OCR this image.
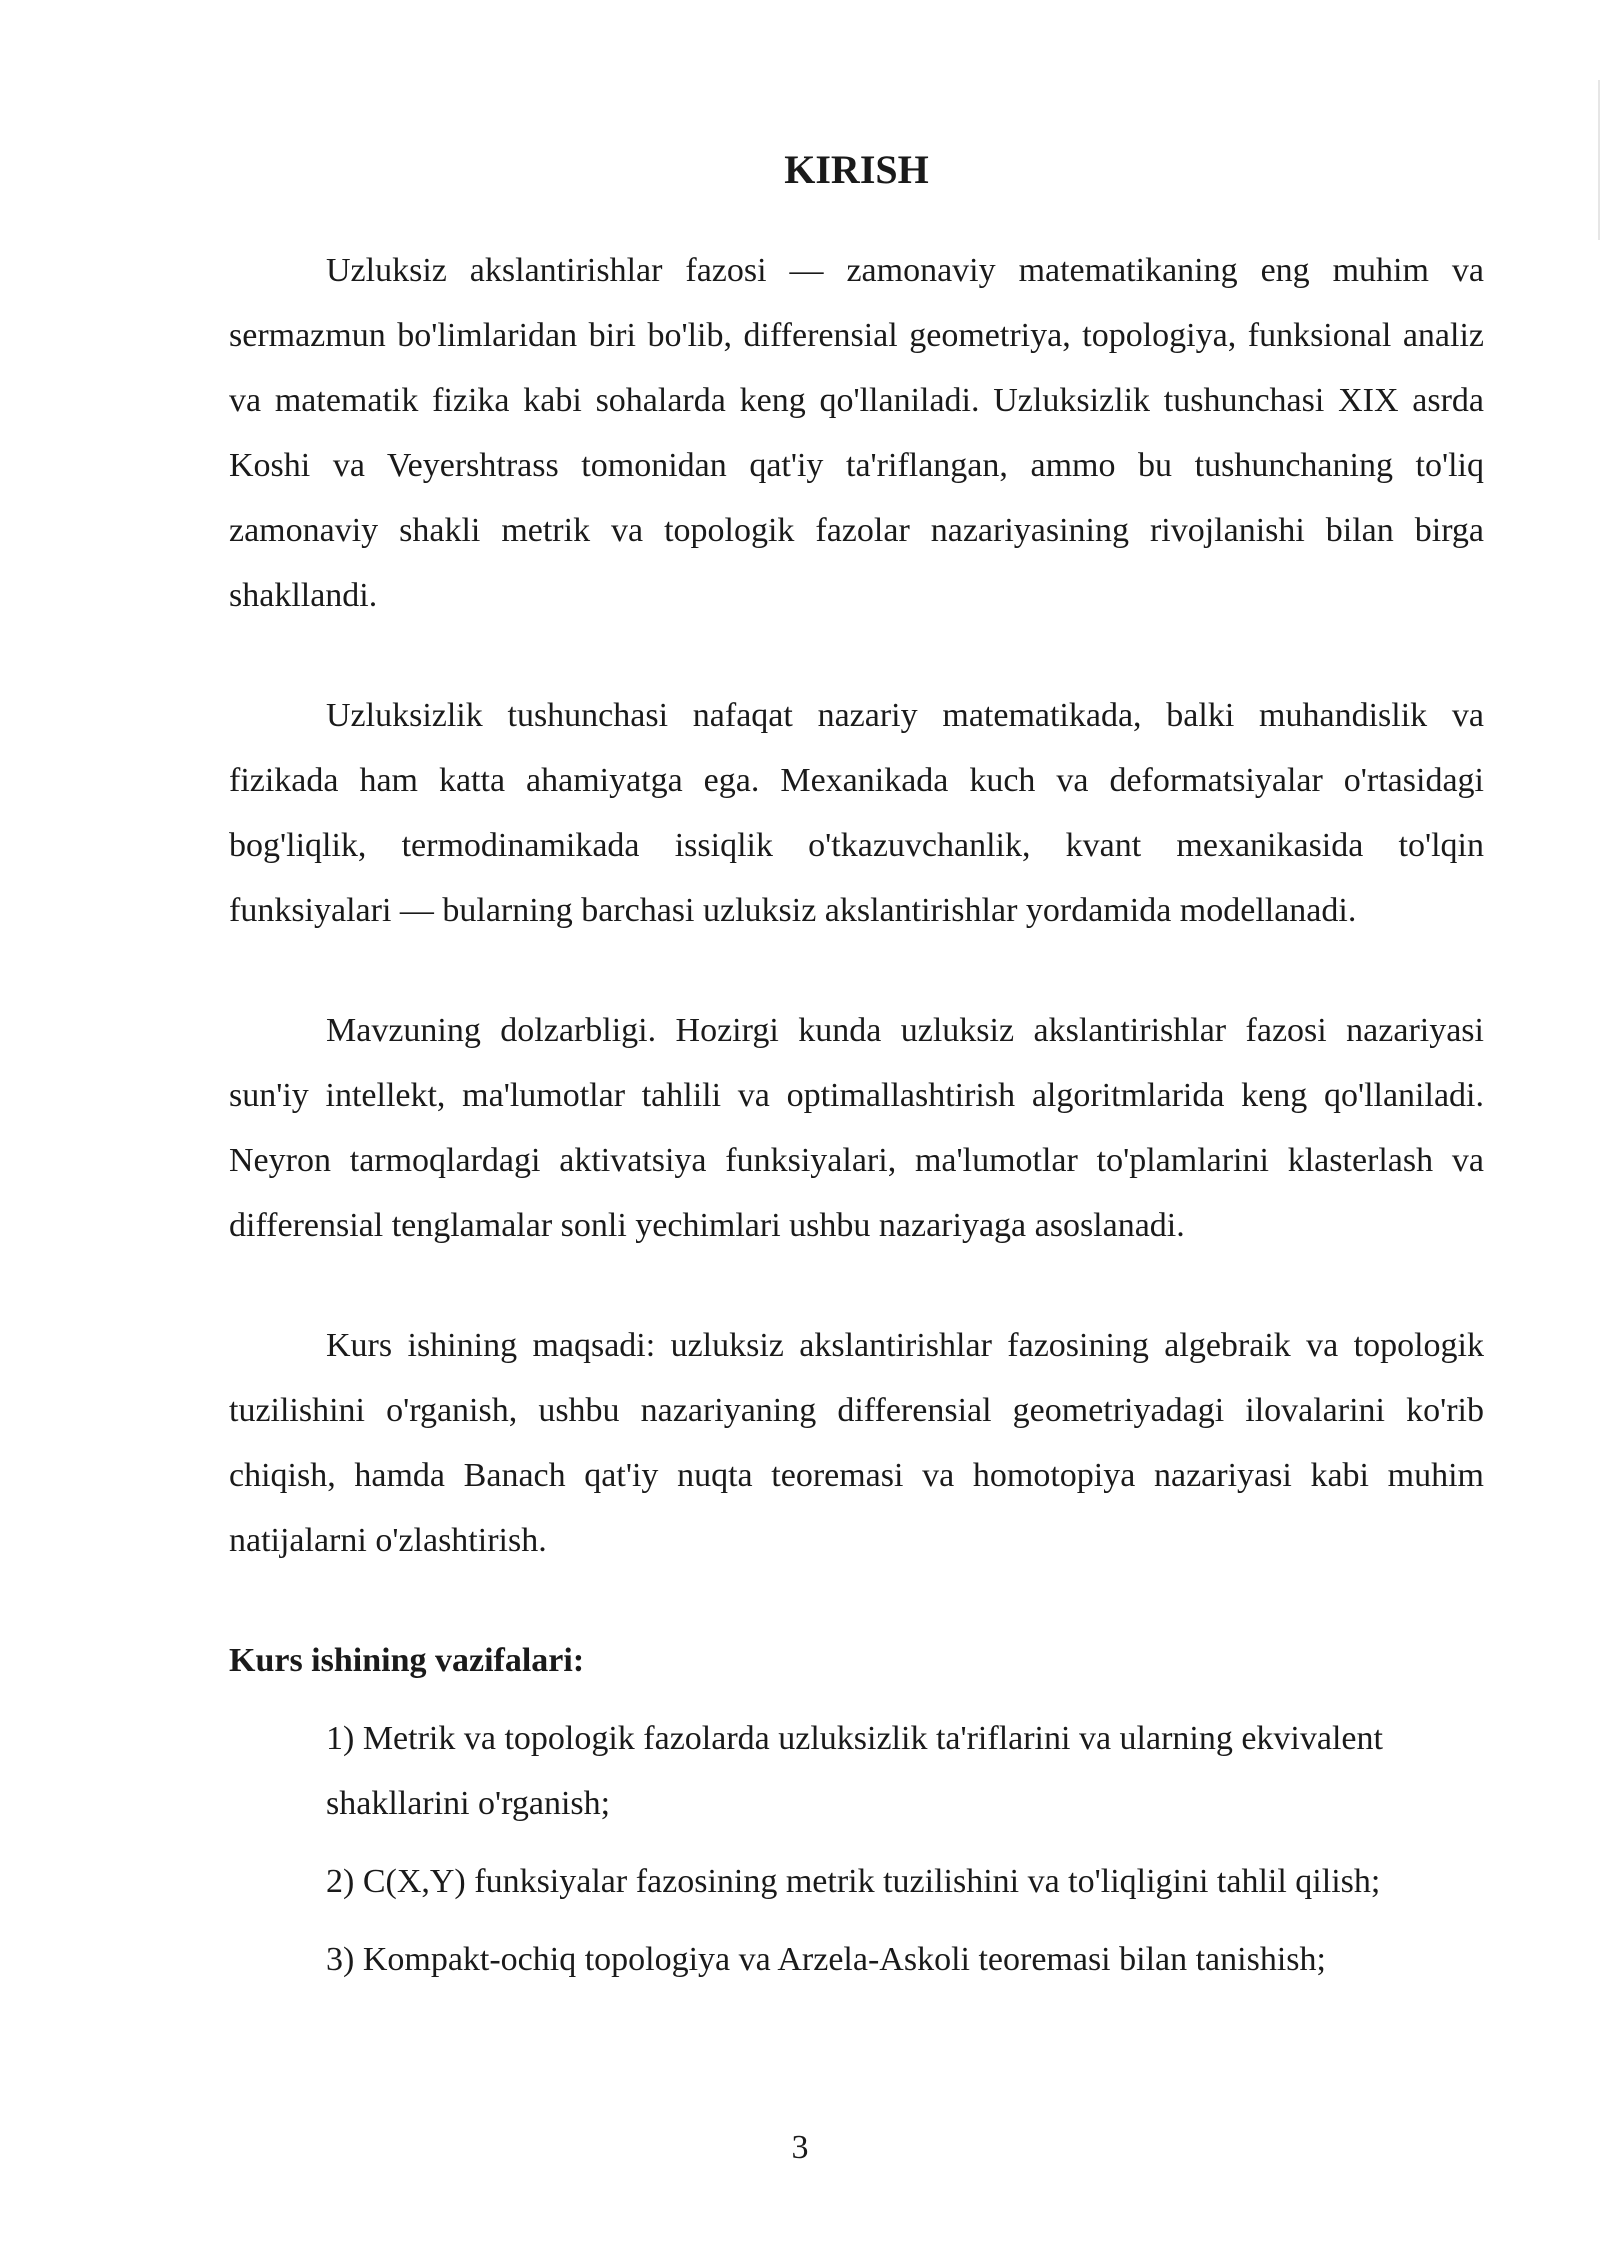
KIRISH

Uzluksiz akslantirishlar fazosi — zamonaviy matematikaning eng muhim va sermazmun bo'limlaridan biri bo'lib, differensial geometriya, topologiya, funksional analiz va matematik fizika kabi sohalarda keng qo'llaniladi. Uzluksizlik tushunchasi XIX asrda Koshi va Veyershtrass tomonidan qat'iy ta'riflangan, ammo bu tushunchaning to'liq zamonaviy shakli metrik va topologik fazolar nazariyasining rivojlanishi bilan birga shakllandi.

Uzluksizlik tushunchasi nafaqat nazariy matematikada, balki muhandislik va fizikada ham katta ahamiyatga ega. Mexanikada kuch va deformatsiyalar o'rtasidagi bog'liqlik, termodinamikada issiqlik o'tkazuvchanlik, kvant mexanikasida to'lqin funksiyalari — bularning barchasi uzluksiz akslantirishlar yordamida modellanadi.

Mavzuning dolzarbligi. Hozirgi kunda uzluksiz akslantirishlar fazosi nazariyasi sun'iy intellekt, ma'lumotlar tahlili va optimallashtirish algoritmlarida keng qo'llaniladi. Neyron tarmoqlardagi aktivatsiya funksiyalari, ma'lumotlar to'plamlarini klasterlash va differensial tenglamalar sonli yechimlari ushbu nazariyaga asoslanadi.

Kurs ishining maqsadi: uzluksiz akslantirishlar fazosining algebraik va topologik tuzilishini o'rganish, ushbu nazariyaning differensial geometriyadagi ilovalarini ko'rib chiqish, hamda Banach qat'iy nuqta teoremasi va homotopiya nazariyasi kabi muhim natijalarni o'zlashtirish.

Kurs ishining vazifalari:
1) Metrik va topologik fazolarda uzluksizlik ta'riflarini va ularning ekvivalent shakllarini o'rganish;
2) C(X,Y) funksiyalar fazosining metrik tuzilishini va to'liqligini tahlil qilish;
3) Kompakt-ochiq topologiya va Arzela-Askoli teoremasi bilan tanishish;
3
